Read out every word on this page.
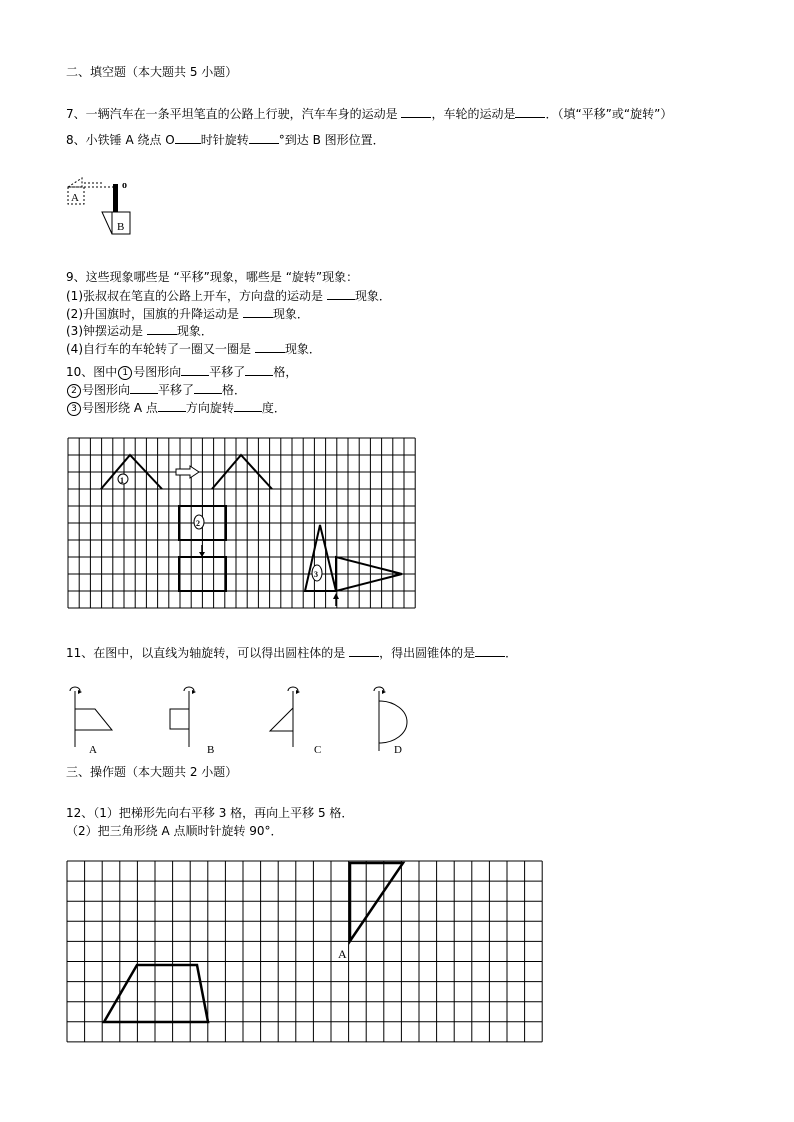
二、填空题（本大题共 5 小题）
7、一辆汽车在一条平坦笔直的公路上行驶，汽车车身的运动是	，车轮的运动是	．（填“平移”或“旋转”）
8、小铁锤 A 绕点 O 时针旋转	°到达 B 图形位置．
A
o
B
9、这些现象哪些是 “平移”现象，哪些是 “旋转”现象：
(1)张叔叔在笔直的公路上开车，方向盘的运动是 现象．
(2)升国旗时，国旗的升降运动是	现象．
(3)钟摆运动是	现象．
(4)自行车的车轮转了一圈又一圈是	现象．
10、图中 1 号图形向 平移了 格，
2 号图形向 平移了 格．
3 号图形绕 A 点 方向旋转 度．
1
2
3
11、在图中，以直线为轴旋转，可以得出圆柱体的是	，得出圆锥体的是	．
A	B	C	D
三、操作题（本大题共 2 小题）
12、（1）把梯形先向右平移 3 格，再向上平移 5 格．
（2）把三角形绕 A 点顺时针旋转 90°．
A
